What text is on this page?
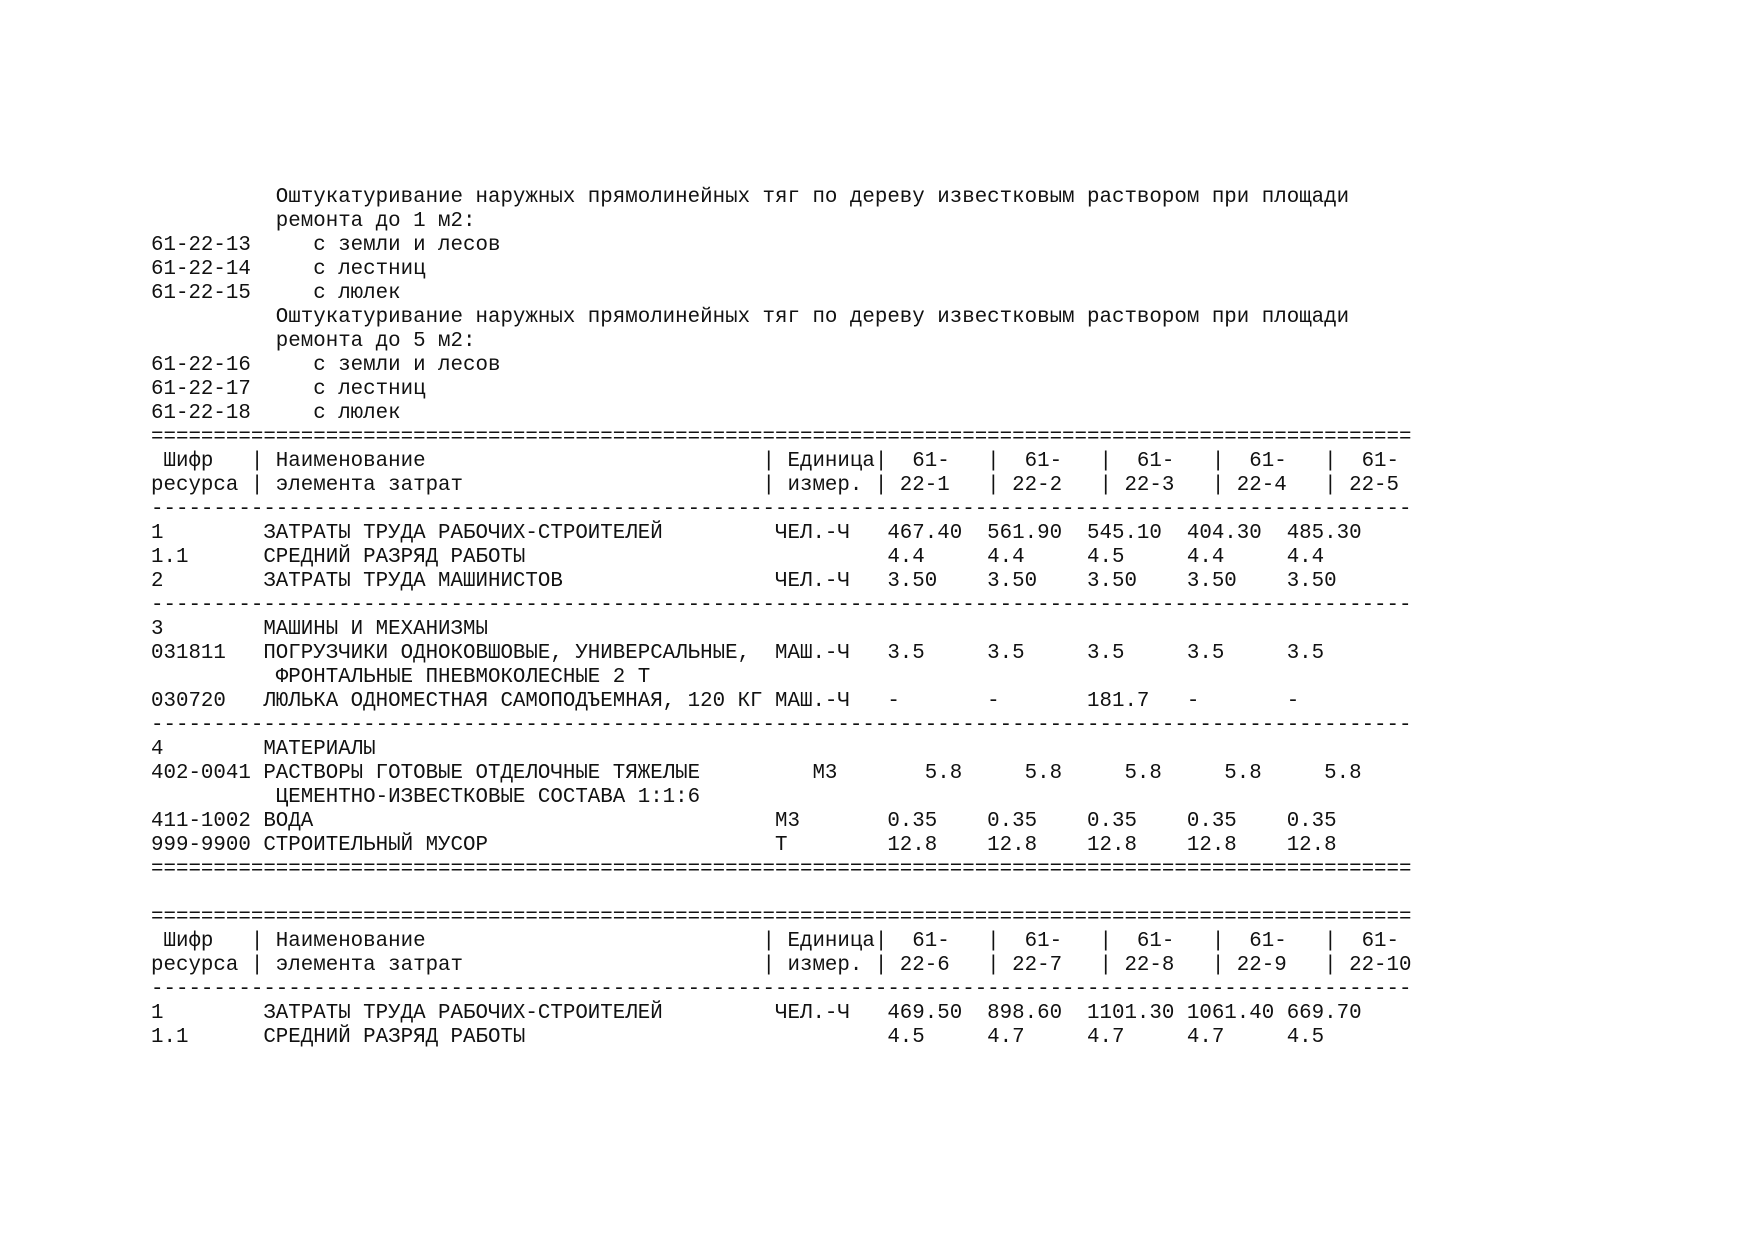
Оштукатуривание наружных прямолинейных тяг по дереву известковым раствором при площади
ремонта до 1 м2:
61-22-13     с земли и лесов
61-22-14     с лестниц
61-22-15     с люлек
Оштукатуривание наружных прямолинейных тяг по дереву известковым раствором при площади
ремонта до 5 м2:
61-22-16     с земли и лесов
61-22-17     с лестниц
61-22-18     с люлек
=====================================================================================================
Шифр   | Наименование                           | Единица|  61-   |  61-   |  61-   |  61-   |  61-
ресурса | элемента затрат                        | измер. | 22-1   | 22-2   | 22-3   | 22-4   | 22-5
-----------------------------------------------------------------------------------------------------
1        ЗАТРАТЫ ТРУДА РАБОЧИХ-СТРОИТЕЛЕЙ         ЧЕЛ.-Ч   467.40  561.90  545.10  404.30  485.30
1.1      СРЕДНИЙ РАЗРЯД РАБОТЫ                             4.4     4.4     4.5     4.4     4.4
2        ЗАТРАТЫ ТРУДА МАШИНИСТОВ                 ЧЕЛ.-Ч   3.50    3.50    3.50    3.50    3.50
-----------------------------------------------------------------------------------------------------
3        МАШИНЫ И МЕХАНИЗМЫ
031811   ПОГРУЗЧИКИ ОДНОКОВШОВЫЕ, УНИВЕРСАЛЬНЫЕ,  МАШ.-Ч   3.5     3.5     3.5     3.5     3.5
ФРОНТАЛЬНЫЕ ПНЕВМОКОЛЕСНЫЕ 2 Т
030720   ЛЮЛЬКА ОДНОМЕСТНАЯ САМОПОДЪЕМНАЯ, 120 КГ МАШ.-Ч   -       -       181.7   -       -
-----------------------------------------------------------------------------------------------------
4        МАТЕРИАЛЫ
402-0041 РАСТВОРЫ ГОТОВЫЕ ОТДЕЛОЧНЫЕ ТЯЖЕЛЫЕ         М3       5.8     5.8     5.8     5.8     5.8
ЦЕМЕНТНО-ИЗВЕСТКОВЫЕ СОСТАВА 1:1:6
411-1002 ВОДА                                     М3       0.35    0.35    0.35    0.35    0.35
999-9900 СТРОИТЕЛЬНЫЙ МУСОР                       Т        12.8    12.8    12.8    12.8    12.8
=====================================================================================================
=====================================================================================================
Шифр   | Наименование                           | Единица|  61-   |  61-   |  61-   |  61-   |  61-
ресурса | элемента затрат                        | измер. | 22-6   | 22-7   | 22-8   | 22-9   | 22-10
-----------------------------------------------------------------------------------------------------
1        ЗАТРАТЫ ТРУДА РАБОЧИХ-СТРОИТЕЛЕЙ         ЧЕЛ.-Ч   469.50  898.60  1101.30 1061.40 669.70
1.1      СРЕДНИЙ РАЗРЯД РАБОТЫ                             4.5     4.7     4.7     4.7     4.5
